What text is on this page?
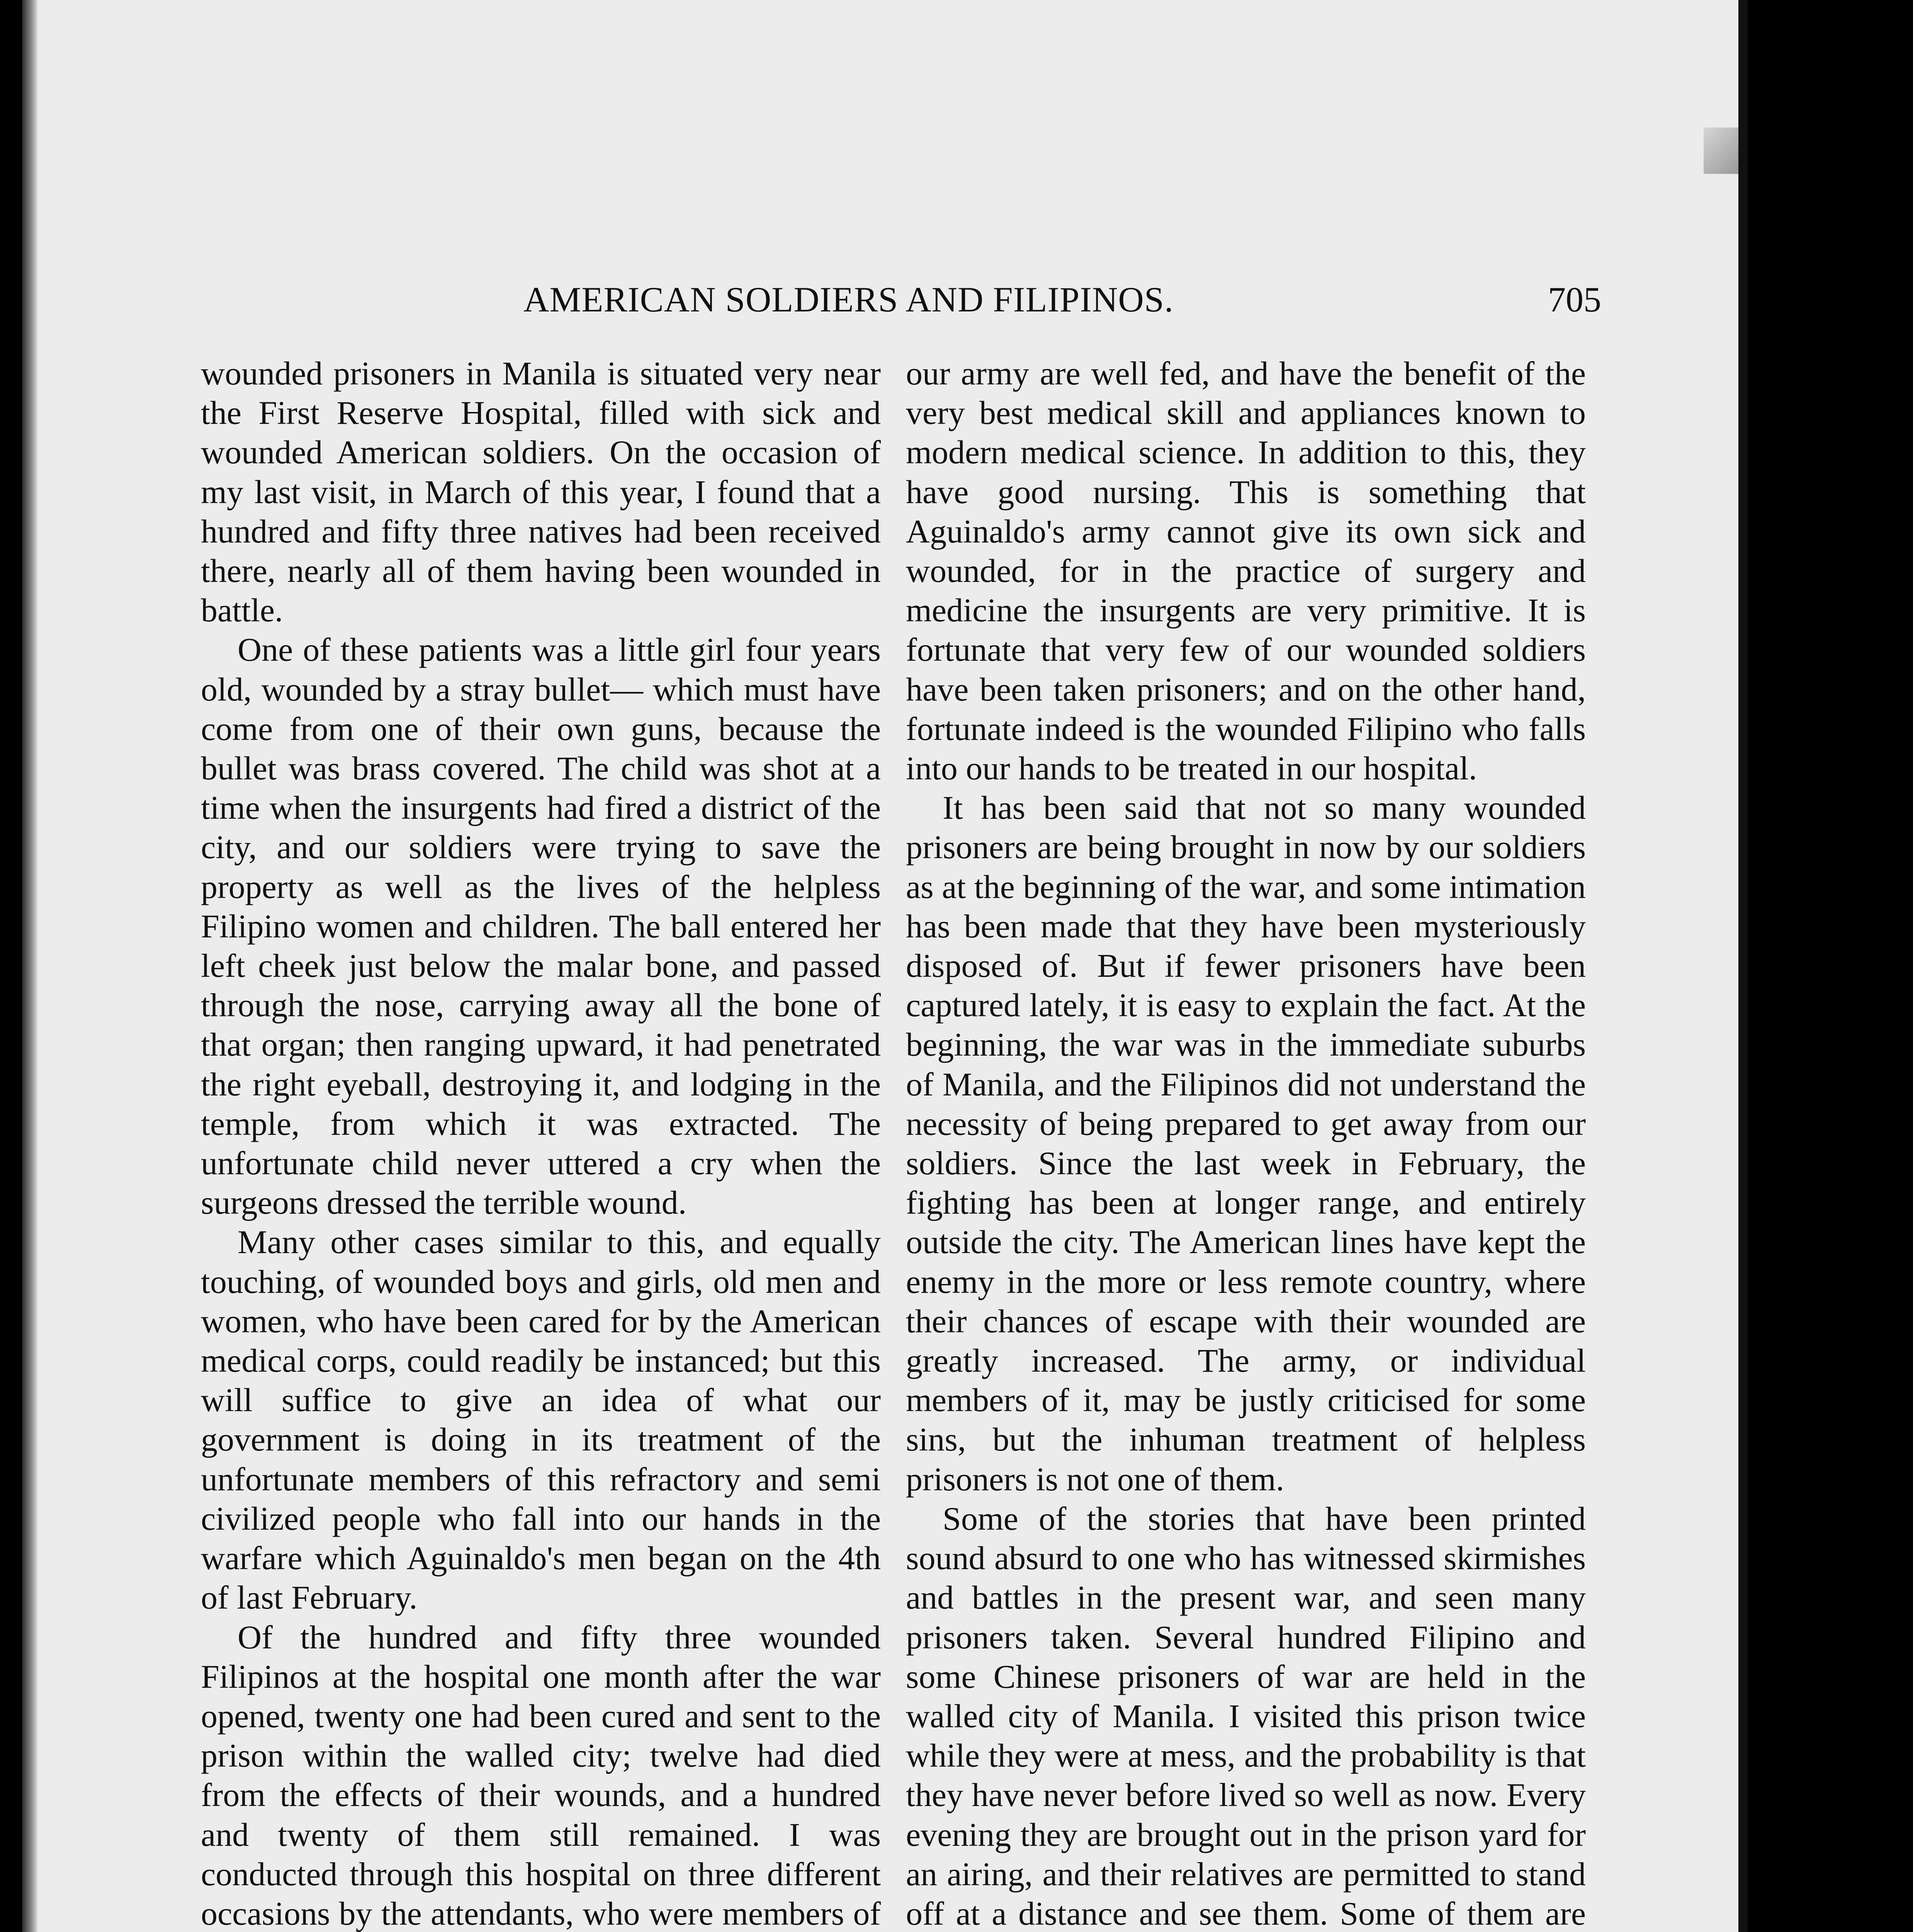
AMERICAN SOLDIERS AND FILIPINOS.	705

wounded prisoners in Manila is situated very near the First Reserve Hospital, filled with sick and wounded American soldiers. On the occasion of my last visit, in March of this year, I found that a hundred and fifty three natives had been received there, nearly all of them having been wounded in battle.

One of these patients was a little girl four years old, wounded by a stray bullet— which must have come from one of their own guns, because the bullet was brass covered. The child was shot at a time when the insurgents had fired a district of the city, and our soldiers were trying to save the property as well as the lives of the helpless Filipino women and children. The ball entered her left cheek just below the malar bone, and passed through the nose, carrying away all the bone of that organ; then ranging upward, it had penetrated the right eyeball, destroying it, and lodging in the temple, from which it was extracted. The unfortunate child never uttered a cry when the surgeons dressed the terrible wound.

Many other cases similar to this, and equally touching, of wounded boys and girls, old men and women, who have been cared for by the American medical corps, could readily be instanced; but this will suffice to give an idea of what our government is doing in its treatment of the unfortunate members of this refractory and semi civilized people who fall into our hands in the warfare which Aguinaldo's men began on the 4th of last February.

Of the hundred and fifty three wounded Filipinos at the hospital one month after the war opened, twenty one had been cured and sent to the prison within the walled city; twelve had died from the effects of their wounds, and a hundred and twenty of them still remained. I was conducted through this hospital on three different occasions by the attendants, who were members of

our army are well fed, and have the benefit of the very best medical skill and appliances known to modern medical science. In addition to this, they have good nursing. This is something that Aguinaldo's army cannot give its own sick and wounded, for in the practice of surgery and medicine the insurgents are very primitive. It is fortunate that very few of our wounded soldiers have been taken prisoners; and on the other hand, fortunate indeed is the wounded Filipino who falls into our hands to be treated in our hospital.

It has been said that not so many wounded prisoners are being brought in now by our soldiers as at the beginning of the war, and some intimation has been made that they have been mysteriously disposed of. But if fewer prisoners have been captured lately, it is easy to explain the fact. At the beginning, the war was in the immediate suburbs of Manila, and the Filipinos did not understand the necessity of being prepared to get away from our soldiers. Since the last week in February, the fighting has been at longer range, and entirely outside the city. The American lines have kept the enemy in the more or less remote country, where their chances of escape with their wounded are greatly increased. The army, or individual members of it, may be justly criticised for some sins, but the inhuman treatment of helpless prisoners is not one of them.

Some of the stories that have been printed sound absurd to one who has witnessed skirmishes and battles in the present war, and seen many prisoners taken. Several hundred Filipino and some Chinese prisoners of war are held in the walled city of Manila. I visited this prison twice while they were at mess, and the probability is that they have never before lived so well as now. Every evening they are brought out in the prison yard for an airing, and their relatives are permitted to stand off at a distance and see them. Some of them are
